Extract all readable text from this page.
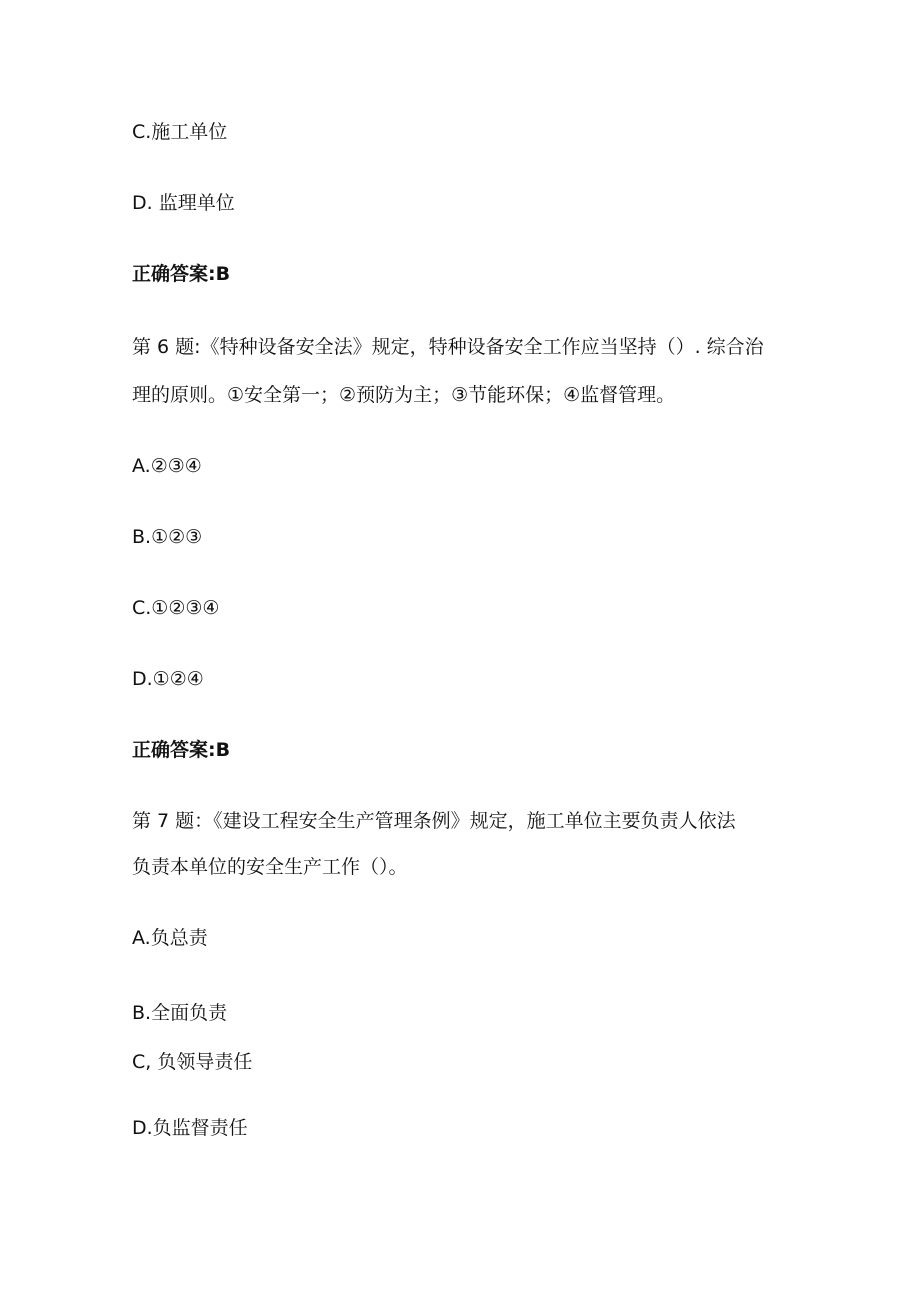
C.施工单位
D. 监理单位
正确答案:B
第 6 题:《特种设备安全法》规定，特种设备安全工作应当坚持（）. 综合治
理的原则。①安全第一；②预防为主；③节能环保；④监督管理。
A.②③④
B.①②③
C.①②③④
D.①②④
正确答案:B
第 7 题：《建设工程安全生产管理条例》规定，施工单位主要负责人依法
负责本单位的安全生产工作（）。
A.负总责
B.全面负责
C, 负领导责任
D.负监督责任
